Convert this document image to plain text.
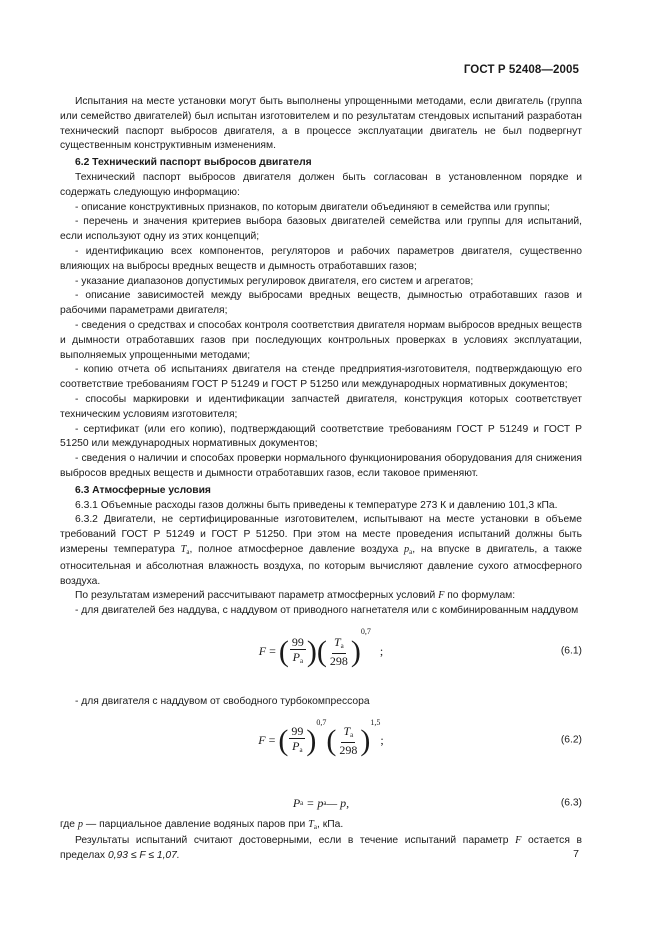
ГОСТ Р 52408—2005

Испытания на месте установки могут быть выполнены упрощенными методами, если двигатель (группа или семейство двигателей) был испытан изготовителем и по результатам стендовых испытаний разработан технический паспорт выбросов двигателя, а в процессе эксплуатации двигатель не был подвергнут существенным конструктивным изменениям.

6.2 Технический паспорт выбросов двигателя

Технический паспорт выбросов двигателя должен быть согласован в установленном порядке и содержать следующую информацию:

- описание конструктивных признаков, по которым двигатели объединяют в семейства или группы;

- перечень и значения критериев выбора базовых двигателей семейства или группы для испытаний, если используют одну из этих концепций;

- идентификацию всех компонентов, регуляторов и рабочих параметров двигателя, существенно влияющих на выбросы вредных веществ и дымность отработавших газов;

- указание диапазонов допустимых регулировок двигателя, его систем и агрегатов;

- описание зависимостей между выбросами вредных веществ, дымностью отработавших газов и рабочими параметрами двигателя;

- сведения о средствах и способах контроля соответствия двигателя нормам выбросов вредных веществ и дымности отработавших газов при последующих контрольных проверках в условиях эксплуатации, выполняемых упрощенными методами;

- копию отчета об испытаниях двигателя на стенде предприятия-изготовителя, подтверждающую его соответствие требованиям ГОСТ Р 51249 и ГОСТ Р 51250 или международных нормативных документов;

- способы маркировки и идентификации запчастей двигателя, конструкция которых соответствует техническим условиям изготовителя;

- сертификат (или его копию), подтверждающий соответствие требованиям ГОСТ Р 51249 и ГОСТ Р 51250 или международных нормативных документов;

- сведения о наличии и способах проверки нормального функционирования оборудования для снижения выбросов вредных веществ и дымности отработавших газов, если таковое применяют.

6.3 Атмосферные условия

6.3.1 Объемные расходы газов должны быть приведены к температуре 273 К и давлению 101,3 кПа.

6.3.2 Двигатели, не сертифицированные изготовителем, испытывают на месте установки в объеме требований ГОСТ Р 51249 и ГОСТ Р 51250. При этом на месте проведения испытаний должны быть измерены температура $T_a$, полное атмосферное давление воздуха $p_a$, на впуске в двигатель, а также относительная и абсолютная влажность воздуха, по которым вычисляют давление сухого атмосферного воздуха.

По результатам измерений рассчитывают параметр атмосферных условий F по формулам:

- для двигателей без наддува, с наддувом от приводного нагнетателя или с комбинированным наддувом

F
=
( $\frac{99}{P_a}$ )( $\frac{T_a}{298}$ )
0,7

;	(6.1)

- для двигателя с наддувом от свободного турбокомпрессора

F
=
( $\frac{99}{P_a}$ )
0,7
( $\frac{T_a}{298}$ )
1,5
;	(6.2)
P a
= p a — p,	(6.3)

где p — парциальное давление водяных паров при $T_a$, кПа.

Результаты испытаний считают достоверными, если в течение испытаний параметр F остается в пределах 0,93 ≤ F ≤ 1,07.	7
